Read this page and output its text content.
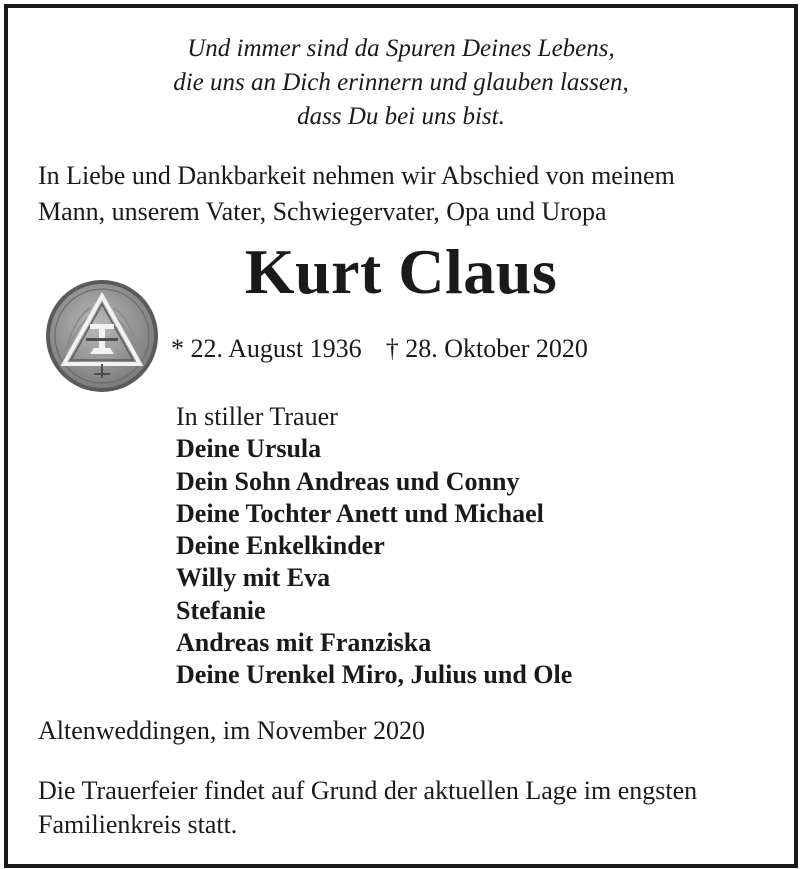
Und immer sind da Spuren Deines Lebens,
die uns an Dich erinnern und glauben lassen,
dass Du bei uns bist.
In Liebe und Dankbarkeit nehmen wir Abschied von meinem
Mann, unserem Vater, Schwiegervater, Opa und Uropa
Kurt Claus
* 22. August 1936 † 28. Oktober 2020
In stiller Trauer
Deine Ursula
Dein Sohn Andreas und Conny
Deine Tochter Anett und Michael
Deine Enkelkinder
Willy mit Eva
Stefanie
Andreas mit Franziska
Deine Urenkel Miro, Julius und Ole
Altenweddingen, im November 2020
Die Trauerfeier findet auf Grund der aktuellen Lage im engsten
Familienkreis statt.
